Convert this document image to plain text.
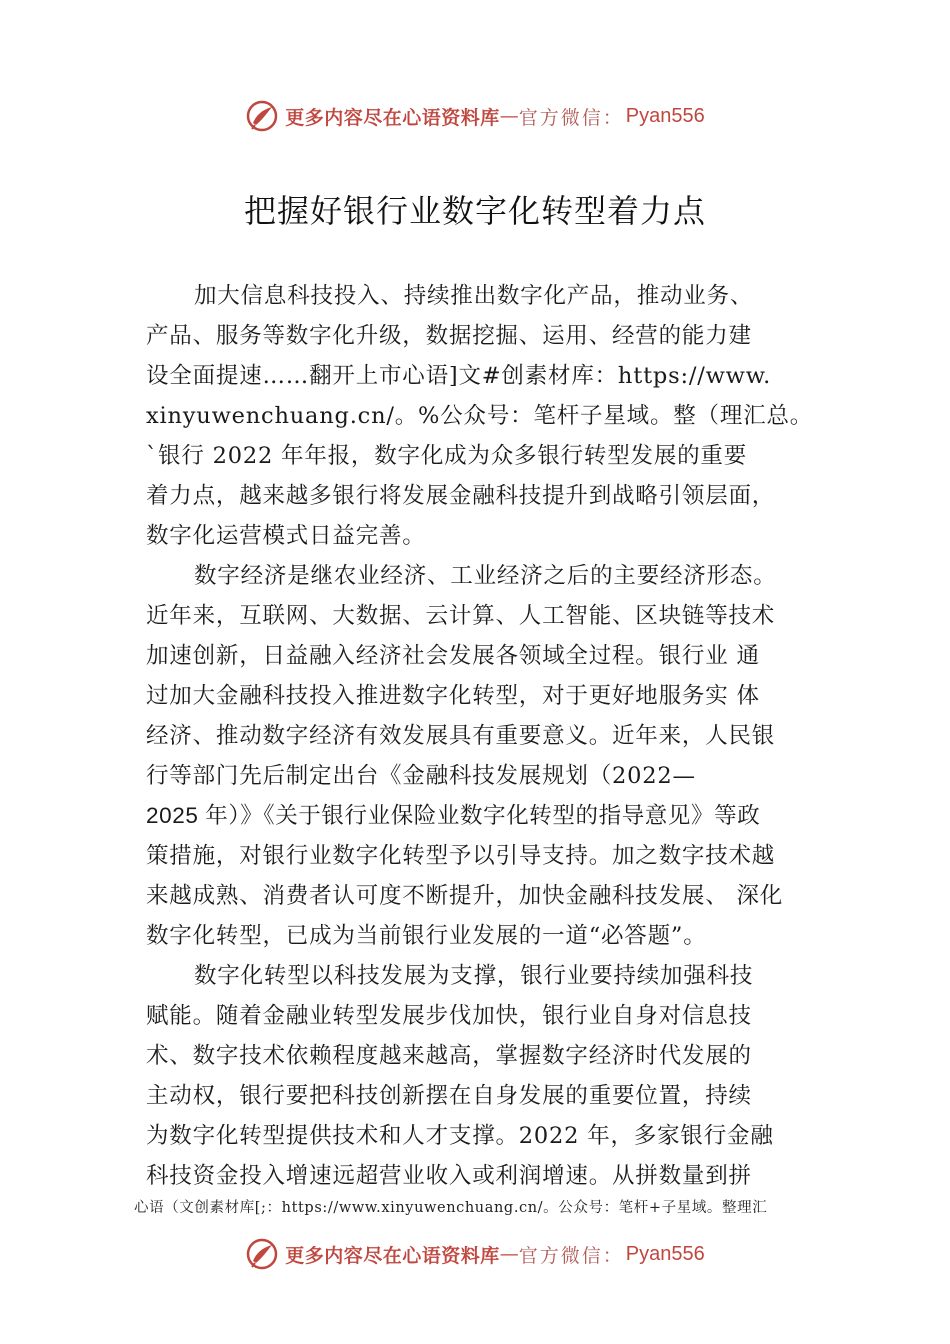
更多内容尽在心语资料库 — 官方微信： Pyan556
把握好银行业数字化转型着力点
加大信息科技投入、持续推出数字化产品，推动业务、
产品、服务等数字化升级，数据挖掘、运用、经营的能力建
设全面提速……翻开上市心语]文#创素材库：https://www.
xinyuwenchuang.cn/。%公众号：笔杆子星域。整（理汇总。
`银行 2022 年年报，数字化成为众多银行转型发展的重要
着力点，越来越多银行将发展金融科技提升到战略引领层面，
数字化运营模式日益完善。
数字经济是继农业经济、工业经济之后的主要经济形态。
近年来，互联网、大数据、云计算、人工智能、区块链等技术
加速创新，日益融入经济社会发展各领域全过程。银行业 通
过加大金融科技投入推进数字化转型，对于更好地服务实 体
经济、推动数字经济有效发展具有重要意义。近年来，人民银
行等部门先后制定出台《金融科技发展规划（2022—
2025 年）》《关于银行业保险业数字化转型的指导意见》等政
策措施，对银行业数字化转型予以引导支持。加之数字技术越
来越成熟、消费者认可度不断提升，加快金融科技发展、 深化
数字化转型，已成为当前银行业发展的一道“必答题”。
数字化转型以科技发展为支撑，银行业要持续加强科技
赋能。随着金融业转型发展步伐加快，银行业自身对信息技
术、数字技术依赖程度越来越高，掌握数字经济时代发展的
主动权，银行要把科技创新摆在自身发展的重要位置，持续
为数字化转型提供技术和人才支撑。2022 年，多家银行金融
科技资金投入增速远超营业收入或利润增速。从拼数量到拼
心语（文创素材库[;：https://www.xinyuwenchuang.cn/。公众号：笔杆+子星域。整理汇
更多内容尽在心语资料库 — 官方微信： Pyan556
